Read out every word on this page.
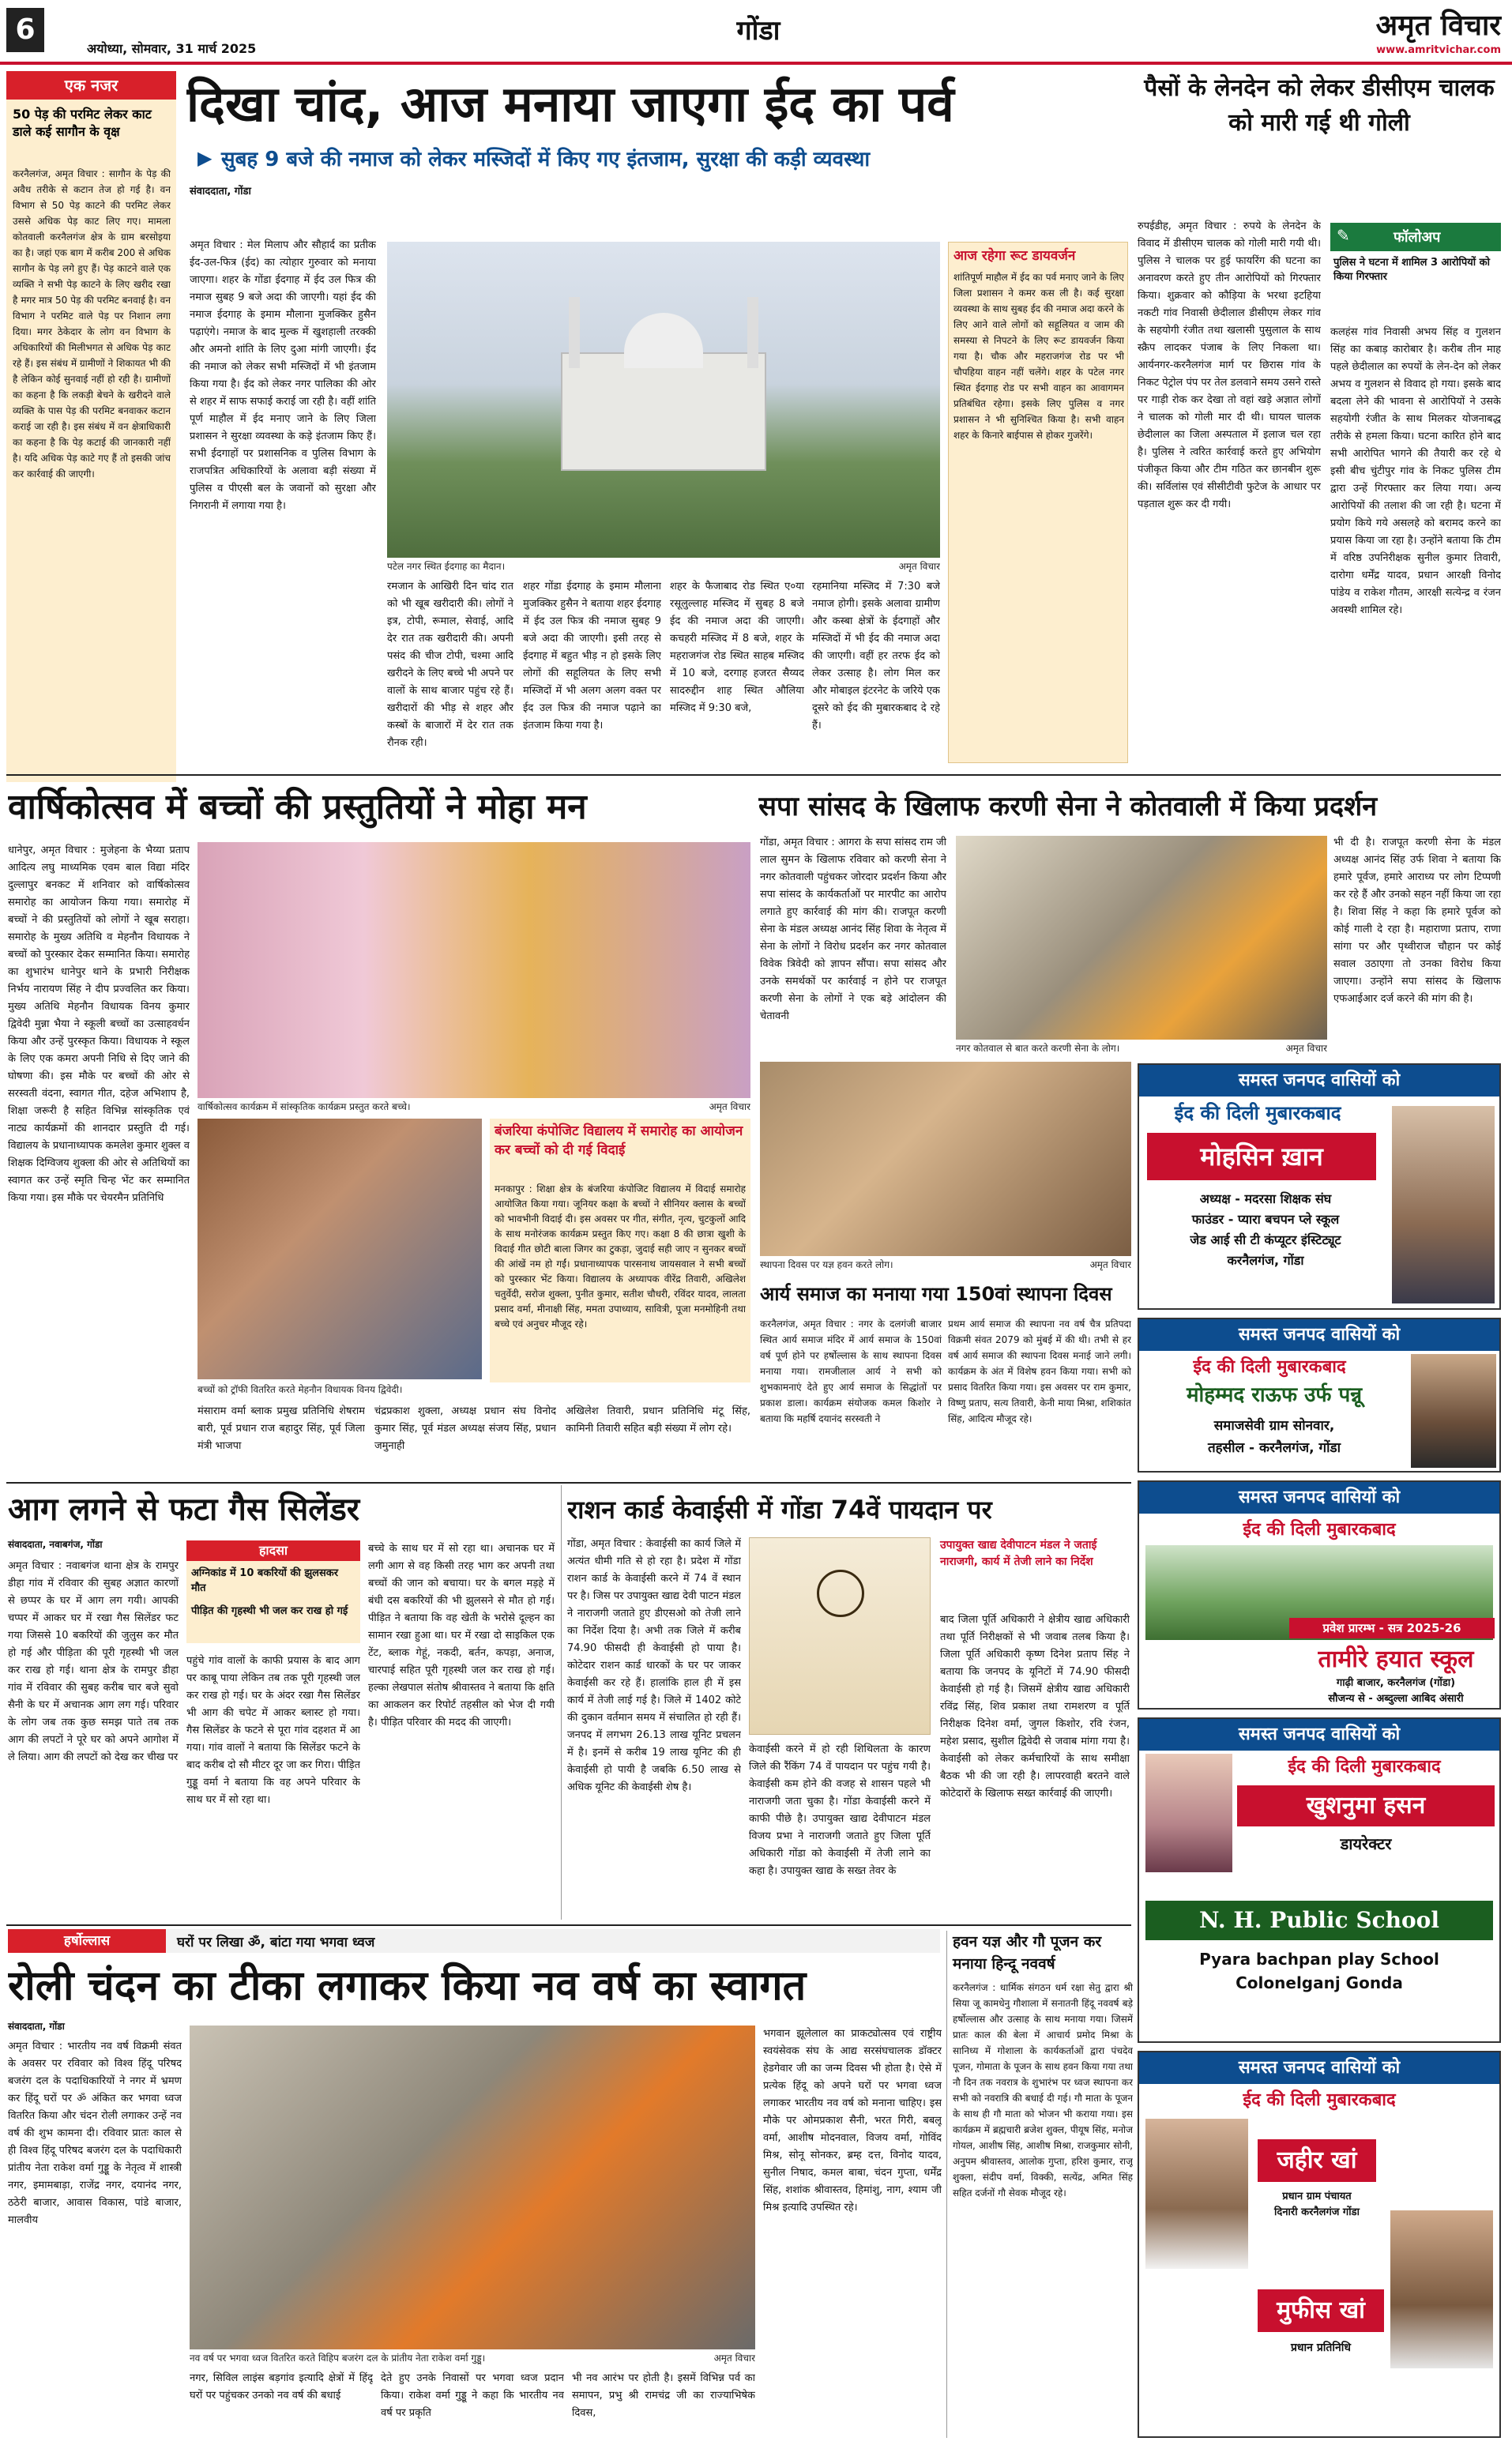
6
अयोध्या, सोमवार, 31 मार्च 2025
गोंडा	अमृत विचार
www.amritvichar.com
एक नजर
50 पेड़ की परमिट लेकर काट डाले कई सागौन के वृक्ष
करनैलगंज, अमृत विचार : सागौन के पेड़ की अवैध तरीके से कटान तेज हो गई है। वन विभाग से 50 पेड़ काटने की परमिट लेकर उससे अधिक पेड़ काट लिए गए। मामला कोतवाली करनैलगंज क्षेत्र के ग्राम बरसोइया का है। जहां एक बाग में करीब 200 से अधिक सागौन के पेड़ लगे हुए हैं। पेड़ काटने वाले एक व्यक्ति ने सभी पेड़ काटने के लिए खरीद रखा है मगर मात्र 50 पेड़ की परमिट बनवाई है। वन विभाग ने परमिट वाले पेड़ पर निशान लगा दिया। मगर ठेकेदार के लोग वन विभाग के अधिकारियों की मिलीभगत से अधिक पेड़ काट रहे हैं। इस संबंध में ग्रामीणों ने शिकायत भी की है लेकिन कोई सुनवाई नहीं हो रही है। ग्रामीणों का कहना है कि लकड़ी बेचने के खरीदने वाले व्यक्ति के पास पेड़ की परमिट बनवाकर कटान कराई जा रही है। इस संबंध में वन क्षेत्राधिकारी का कहना है कि पेड़ कटाई की जानकारी नहीं है। यदि अधिक पेड़ काटे गए हैं तो इसकी जांच कर कार्रवाई की जाएगी।
दिखा चांद, आज मनाया जाएगा ईद का पर्व
▶ सुबह 9 बजे की नमाज को लेकर मस्जिदों में किए गए इंतजाम, सुरक्षा की कड़ी व्यवस्था
संवाददाता, गोंडा
अमृत विचार : मेल मिलाप और सौहार्द का प्रतीक ईद-उल-फित्र (ईद) का त्योहार गुरुवार को मनाया जाएगा। शहर के गोंडा ईदगाह में ईद उल फित्र की नमाज सुबह 9 बजे अदा की जाएगी। यहां ईद की नमाज ईदगाह के इमाम मौलाना मुजक्किर हुसैन पढ़ाएंगे। नमाज के बाद मुल्क में खुशहाली तरक्की और अमनो शांति के लिए दुआ मांगी जाएगी। ईद की नमाज को लेकर सभी मस्जिदों में भी इंतजाम किया गया है। ईद को लेकर नगर पालिका की ओर से शहर में साफ सफाई कराई जा रही है। वहीं शांति पूर्ण माहौल में ईद मनाए जाने के लिए जिला प्रशासन ने सुरक्षा व्यवस्था के कड़े इंतजाम किए हैं। सभी ईदगाहों पर प्रशासनिक व पुलिस विभाग के राजपत्रित अधिकारियों के अलावा बड़ी संख्या में पुलिस व पीएसी बल के जवानों को सुरक्षा और निगरानी में लगाया गया है।
पटेल नगर स्थित ईदगाह का मैदान।	अमृत विचार
रमजान के आखिरी दिन चांद रात को भी खूब खरीदारी की। लोगों ने इत्र, टोपी, रूमाल, सेवाई, आदि देर रात तक खरीदारी की। अपनी पसंद की चीज टोपी, चश्मा आदि खरीदने के लिए बच्चे भी अपने पर वालों के साथ बाजार पहुंच रहे हैं। खरीदारों की भीड़ से शहर और कस्बों के बाजारों में देर रात तक रौनक रही।
शहर गोंडा ईदगाह के इमाम मौलाना मुजक्किर हुसैन ने बताया शहर ईदगाह में ईद उल फित्र की नमाज सुबह 9 बजे अदा की जाएगी। इसी तरह से ईदगाह में बहुत भीड़ न हो इसके लिए लोगों की सहूलियत के लिए सभी मस्जिदों में भी अलग अलग वक्त पर ईद उल फित्र की नमाज पढ़ाने का इंतजाम किया गया है।
शहर के फैजाबाद रोड स्थित ए०या रसूलुल्लाह मस्जिद में सुबह 8 बजे ईद की नमाज अदा की जाएगी। कचहरी मस्जिद में 8 बजे, शहर के महराजगंज रोड स्थित साहब मस्जिद में 10 बजे, दरगाह हजरत सैय्यद सादरुद्दीन शाह स्थित औलिया मस्जिद में 9:30 बजे,
रहमानिया मस्जिद में 7:30 बजे नमाज होगी। इसके अलावा ग्रामीण और कस्बा क्षेत्रों के ईदगाहों और मस्जिदों में भी ईद की नमाज अदा की जाएगी। वहीं हर तरफ ईद को लेकर उत्साह है। लोग मिल कर और मोबाइल इंटरनेट के जरिये एक दूसरे को ईद की मुबारकबाद दे रहे हैं।
आज रहेगा रूट डायवर्जन
शांतिपूर्ण माहौल में ईद का पर्व मनाए जाने के लिए जिला प्रशासन ने कमर कस ली है। कई सुरक्षा व्यवस्था के साथ सुबह ईद की नमाज अदा करने के लिए आने वाले लोगों को सहूलियत व जाम की समस्या से निपटने के लिए रूट डायवर्जन किया गया है। चौक और महराजगंज रोड पर भी चौपहिया वाहन नहीं चलेंगे। शहर के पटेल नगर स्थित ईदगाह रोड पर सभी वाहन का आवागमन प्रतिबंधित रहेगा। इसके लिए पुलिस व नगर प्रशासन ने भी सुनिश्चित किया है। सभी वाहन शहर के किनारे बाईपास से होकर गुजरेंगे।
पैसों के लेनदेन को लेकर डीसीएम चालक को मारी गई थी गोली
रुपईडीह, अमृत विचार : रुपये के लेनदेन के विवाद में डीसीएम चालक को गोली मारी गयी थी। पुलिस ने चालक पर हुई फायरिंग की घटना का अनावरण करते हुए तीन आरोपियों को गिरफ्तार किया। शुक्रवार को कौड़िया के भरथा इटहिया नकटी गांव निवासी छेदीलाल डीसीएम लेकर गांव के सहयोगी रंजीत तथा खलासी पुसुलाल के साथ स्क्रैप लादकर पंजाब के लिए निकला था। आर्यनगर-करनैलगंज मार्ग पर छिरास गांव के निकट पेट्रोल पंप पर तेल डलवाने समय उसने रास्ते पर गाड़ी रोक कर देखा तो वहां खड़े अज्ञात लोगों ने चालक को गोली मार दी थी। घायल चालक छेदीलाल का जिला अस्पताल में इलाज चल रहा है। पुलिस ने त्वरित कार्रवाई करते हुए अभियोग पंजीकृत किया और टीम गठित कर छानबीन शुरू की। सर्विलांस एवं सीसीटीवी फुटेज के आधार पर पड़ताल शुरू कर दी गयी।
✎	फॉलोअप
पुलिस ने घटना में शामिल 3 आरोपियों को किया गिरफ्तार
कलहंस गांव निवासी अभय सिंह व गुलशन सिंह का कबाड़ कारोबार है। करीब तीन माह पहले छेदीलाल का रुपयों के लेन-देन को लेकर अभय व गुलशन से विवाद हो गया। इसके बाद बदला लेने की भावना से आरोपियों ने उसके सहयोगी रंजीत के साथ मिलकर योजनाबद्ध तरीके से हमला किया। घटना कारित होने बाद सभी आरोपित भागने की तैयारी कर रहे थे इसी बीच चुंटीपुर गांव के निकट पुलिस टीम द्वारा उन्हें गिरफ्तार कर लिया गया। अन्य आरोपियों की तलाश की जा रही है। घटना में प्रयोग किये गये असलहे को बरामद करने का प्रयास किया जा रहा है। उन्होंने बताया कि टीम में वरिष्ठ उपनिरीक्षक सुनील कुमार तिवारी, दारोगा धर्मेंद्र यादव, प्रधान आरक्षी विनोद पांडेय व राकेश गौतम, आरक्षी सत्येन्द्र व रंजन अवस्थी शामिल रहे।
वार्षिकोत्सव में बच्चों की प्रस्तुतियों ने मोहा मन
धानेपुर, अमृत विचार : मुजेहना के भैय्या प्रताप आदित्य लघु माध्यमिक एवम बाल विद्या मंदिर दुल्लापुर बनकट में शनिवार को वार्षिकोत्सव समारोह का आयोजन किया गया। समारोह में बच्चों ने की प्रस्तुतियों को लोगों ने खूब सराहा। समारोह के मुख्य अतिथि व मेहनौन विधायक ने बच्चों को पुरस्कार देकर सम्मानित किया। समारोह का शुभारंभ धानेपुर थाने के प्रभारी निरीक्षक निर्भय नारायण सिंह ने दीप प्रज्वलित कर किया। मुख्य अतिथि मेहनौन विधायक विनय कुमार द्विवेदी मुन्ना भैया ने स्कूली बच्चों का उत्साहवर्धन किया और उन्हें पुरस्कृत किया। विधायक ने स्कूल के लिए एक कमरा अपनी निधि से दिए जाने की घोषणा की। इस मौके पर बच्चों की ओर से सरस्वती वंदना, स्वागत गीत, दहेज अभिशाप है, शिक्षा जरूरी है सहित विभिन्न सांस्कृतिक एवं नाट्य कार्यक्रमों की शानदार प्रस्तुति दी गई। विद्यालय के प्रधानाध्यापक कमलेश कुमार शुक्ल व शिक्षक दिग्विजय शुक्ला की ओर से अतिथियों का स्वागत कर उन्हें स्मृति चिन्ह भेंट कर सम्मानित किया गया। इस मौके पर चेयरमैन प्रतिनिधि
वार्षिकोत्सव कार्यक्रम में सांस्कृतिक कार्यक्रम प्रस्तुत करते बच्चे।	अमृत विचार
बच्चों को ट्रॉफी वितरित करते मेहनौन विधायक विनय द्विवेदी।
बंजरिया कंपोजिट विद्यालय में समारोह का आयोजन कर बच्चों को दी गई विदाई
मनकापुर : शिक्षा क्षेत्र के बंजरिया कंपोजिट विद्यालय में विदाई समारोह आयोजित किया गया। जूनियर कक्षा के बच्चों ने सीनियर क्लास के बच्चों को भावभीनी विदाई दी। इस अवसर पर गीत, संगीत, नृत्य, चुटकुलों आदि के साथ मनोरंजक कार्यक्रम प्रस्तुत किए गए। कक्षा 8 की छात्रा खुशी के विदाई गीत छोटी बाला जिगर का टुकड़ा, जुदाई सही जाए न सुनकर बच्चों की आंखें नम हो गईं। प्रधानाध्यापक पारसनाथ जायसवाल ने सभी बच्चों को पुरस्कार भेंट किया। विद्यालय के अध्यापक वीरेंद्र तिवारी, अखिलेश चतुर्वेदी, सरोज शुक्ला, पुनीत कुमार, सतीश चौधरी, रविंदर यादव, लालता प्रसाद वर्मा, मीनाक्षी सिंह, ममता उपाध्याय, सावित्री, पूजा मनमोहिनी तथा बच्चे एवं अनुचर मौजूद रहे।
मंसाराम वर्मा ब्लाक प्रमुख प्रतिनिधि शेषराम बारी, पूर्व प्रधान राज बहादुर सिंह, पूर्व जिला मंत्री भाजपा
चंद्रप्रकाश शुक्ला, अध्यक्ष प्रधान संघ विनोद कुमार सिंह, पूर्व मंडल अध्यक्ष संजय सिंह, प्रधान जमुनाही
अखिलेश तिवारी, प्रधान प्रतिनिधि मंटू सिंह, कामिनी तिवारी सहित बड़ी संख्या में लोग रहे।
सपा सांसद के खिलाफ करणी सेना ने कोतवाली में किया प्रदर्शन
गोंडा, अमृत विचार : आगरा के सपा सांसद राम जी लाल सुमन के खिलाफ रविवार को करणी सेना ने नगर कोतवाली पहुंचकर जोरदार प्रदर्शन किया और सपा सांसद के कार्यकर्ताओं पर मारपीट का आरोप लगाते हुए कार्रवाई की मांग की। राजपूत करणी सेना के मंडल अध्यक्ष आनंद सिंह शिवा के नेतृत्व में सेना के लोगों ने विरोध प्रदर्शन कर नगर कोतवाल विवेक त्रिवेदी को ज्ञापन सौंपा। सपा सांसद और उनके समर्थकों पर कार्रवाई न होने पर राजपूत करणी सेना के लोगों ने एक बड़े आंदोलन की चेतावनी
नगर कोतवाल से बात करते करणी सेना के लोग।	अमृत विचार
भी दी है। राजपूत करणी सेना के मंडल अध्यक्ष आनंद सिंह उर्फ शिवा ने बताया कि हमारे पूर्वज, हमारे आराध्य पर लोग टिप्पणी कर रहे हैं और उनको सहन नहीं किया जा रहा है। शिवा सिंह ने कहा कि हमारे पूर्वज को कोई गाली दे रहा है। महाराणा प्रताप, राणा सांगा पर और पृथ्वीराज चौहान पर कोई सवाल उठाएगा तो उनका विरोध किया जाएगा। उन्होंने सपा सांसद के खिलाफ एफआईआर दर्ज करने की मांग की है।
स्थापना दिवस पर यज्ञ हवन करते लोग।	अमृत विचार
आर्य समाज का मनाया गया 150वां स्थापना दिवस
करनैलगंज, अमृत विचार : नगर के दलगंजी बाजार स्थित आर्य समाज मंदिर में आर्य समाज के 150वां वर्ष पूर्ण होने पर हर्षोल्लास के साथ स्थापना दिवस मनाया गया। रामजीलाल आर्य ने सभी को शुभकामनाएं देते हुए आर्य समाज के सिद्धांतों पर प्रकाश डाला। कार्यक्रम संयोजक कमल किशोर ने बताया कि महर्षि दयानंद सरस्वती ने
प्रथम आर्य समाज की स्थापना नव वर्ष चैत्र प्रतिपदा विक्रमी संवत 2079 को मुंबई में की थी। तभी से हर वर्ष आर्य समाज की स्थापना दिवस मनाई जाने लगी। कार्यक्रम के अंत में विशेष हवन किया गया। सभी को प्रसाद वितरित किया गया। इस अवसर पर राम कुमार, विष्णु प्रताप, सत्य तिवारी, केनी माया मिश्रा, शशिकांत सिंह, आदित्य मौजूद रहे।
समस्त जनपद वासियों को
ईद की दिली मुबारकबाद
मोहसिन ख़ान
अध्यक्ष - मदरसा शिक्षक संघ
फाउंडर - प्यारा बचपन प्ले स्कूल
जेड आई सी टी कंप्यूटर इंस्टिट्यूट
करनैलगंज, गोंडा
समस्त जनपद वासियों को
ईद की दिली मुबारकबाद
मोहम्मद राऊफ उर्फ पन्नू
समाजसेवी ग्राम सोनवार,
तहसील - करनैलगंज, गोंडा
आग लगने से फटा गैस सिलेंडर
संवाददाता, नवाबगंज, गोंडा
अमृत विचार : नवाबगंज थाना क्षेत्र के रामपुर डीहा गांव में रविवार की सुबह अज्ञात कारणों से छप्पर के घर में आग लग गयी। आपकी चप्पर में आकर घर में रखा गैस सिलेंडर फट गया जिससे 10 बकरियों की जुलुस कर मौत हो गई और पीड़िता की पूरी गृहस्थी भी जल कर राख हो गई। थाना क्षेत्र के रामपुर डीहा गांव में रविवार की सुबह करीब चार बजे सुवो सैनी के घर में अचानक आग लग गई। परिवार के लोग जब तक कुछ समझ पाते तब तक आग की लपटों ने पूरे घर को अपने आगोश में ले लिया। आग की लपटों को देख कर चीख पर
हादसा
अग्निकांड में 10 बकरियों की झुलसकर मौत
पीड़ित की गृहस्थी भी जल कर राख हो गई
पहुंचे गांव वालों के काफी प्रयास के बाद आग पर काबू पाया लेकिन तब तक पूरी गृहस्थी जल कर राख हो गई। घर के अंदर रखा गैस सिलेंडर भी आग की चपेट में आकर ब्लास्ट हो गया। गैस सिलेंडर के फटने से पूरा गांव दहशत में आ गया। गांव वालों ने बताया कि सिलेंडर फटने के बाद करीब दो सौ मीटर दूर जा कर गिरा। पीड़ित गुड्डू वर्मा ने बताया कि वह अपने परिवार के साथ घर में सो रहा था।
बच्चे के साथ घर में सो रहा था। अचानक घर में लगी आग से वह किसी तरह भाग कर अपनी तथा बच्चों की जान को बचाया। घर के बगल मड़हे में बंधी दस बकरियों की भी झुलसने से मौत हो गई। पीड़ित ने बताया कि वह खेती के भरोसे दूल्हन का सामान रखा हुआ था। घर में रखा दो साइकिल एक टेंट, ब्लाक गेहूं, नकदी, बर्तन, कपड़ा, अनाज, चारपाई सहित पूरी गृहस्थी जल कर राख हो गई। हल्का लेखपाल संतोष श्रीवास्तव ने बताया कि क्षति का आकलन कर रिपोर्ट तहसील को भेज दी गयी है। पीड़ित परिवार की मदद की जाएगी।
राशन कार्ड केवाईसी में गोंडा 74वें पायदान पर
गोंडा, अमृत विचार : केवाईसी का कार्य जिले में अत्यंत धीमी गति से हो रहा है। प्रदेश में गोंडा राशन कार्ड के केवाईसी करने में 74 वें स्थान पर है। जिस पर उपायुक्त खाद्य देवी पाटन मंडल ने नाराजगी जताते हुए डीएसओ को तेजी लाने का निर्देश दिया है। अभी तक जिले में करीब 74.90 फीसदी ही केवाईसी हो पाया है। कोटेदार राशन कार्ड धारकों के घर पर जाकर केवाईसी कर रहे हैं। हालांकि हाल ही में इस कार्य में तेजी लाई गई है। जिले में 1402 कोटे की दुकान वर्तमान समय में संचालित हो रही हैं। जनपद में लगभग 26.13 लाख यूनिट प्रचलन में है। इनमें से करीब 19 लाख यूनिट की ही केवाईसी हो पायी है जबकि 6.50 लाख से अधिक यूनिट की केवाईसी शेष है।
केवाईसी करने में हो रही शिथिलता के कारण जिले की रैंकिंग 74 वें पायदान पर पहुंच गयी है। केवाईसी कम होने की वजह से शासन पहले भी नाराजगी जता चुका है। गोंडा केवाईसी करने में काफी पीछे है। उपायुक्त खाद्य देवीपाटन मंडल विजय प्रभा ने नाराजगी जताते हुए जिला पूर्ति अधिकारी गोंडा को केवाईसी में तेजी लाने का कहा है। उपायुक्त खाद्य के सख्त तेवर के
उपायुक्त खाद्य देवीपाटन मंडल ने जताई नाराजगी, कार्य में तेजी लाने का निर्देश
बाद जिला पूर्ति अधिकारी ने क्षेत्रीय खाद्य अधिकारी तथा पूर्ति निरीक्षकों से भी जवाब तलब किया है। जिला पूर्ति अधिकारी कृष्ण दिनेश प्रताप सिंह ने बताया कि जनपद के यूनिटों में 74.90 फीसदी केवाईसी हो गई है। जिसमें क्षेत्रीय खाद्य अधिकारी रविंद्र सिंह, शिव प्रकाश तथा रामशरण व पूर्ति निरीक्षक दिनेश वर्मा, जुगल किशोर, रवि रंजन, महेश प्रसाद, सुशील द्विवेदी से जवाब मांगा गया है। केवाईसी को लेकर कर्मचारियों के साथ समीक्षा बैठक भी की जा रही है। लापरवाही बरतने वाले कोटेदारों के खिलाफ सख्त कार्रवाई की जाएगी।
समस्त जनपद वासियों को
ईद की दिली मुबारकबाद
प्रवेश प्रारम्भ - सत्र 2025-26
तामीरे हयात स्कूल
गाढ़ी बाजार, करनैलगंज (गोंडा)
सौजन्य से - अब्दुल्ला आबिद अंसारी
समस्त जनपद वासियों को
ईद की दिली मुबारकबाद
खुशनुमा हसन
डायरेक्टर
N. H. Public School
Pyara bachpan play School
Colonelganj Gonda
हर्षोल्लास	घरों पर लिखा ॐ, बांटा गया भगवा ध्वज
रोली चंदन का टीका लगाकर किया नव वर्ष का स्वागत
संवाददाता, गोंडा
अमृत विचार : भारतीय नव वर्ष विक्रमी संवत के अवसर पर रविवार को विश्व हिंदू परिषद बजरंग दल के पदाधिकारियों ने नगर में भ्रमण कर हिंदू घरों पर ॐ अंकित कर भगवा ध्वज वितरित किया और चंदन रोली लगाकर उन्हें नव वर्ष की शुभ कामना दी। रविवार प्रातः काल से ही विश्व हिंदू परिषद बजरंग दल के पदाधिकारी प्रांतीय नेता राकेश वर्मा गुड्डू के नेतृत्व में शास्त्री नगर, इमामबाड़ा, राजेंद्र नगर, दयानंद नगर, ठठेरी बाजार, आवास विकास, पांडे बाजार, मालवीय
नव वर्ष पर भगवा ध्वज वितरित करते विहिप बजरंग दल के प्रांतीय नेता राकेश वर्मा गुड्डू।	अमृत विचार
नगर, सिविल लाइंस बड़गांव इत्यादि क्षेत्रों में हिंदू घरों पर पहुंचकर उनको नव वर्ष की बधाई
देते हुए उनके निवासों पर भगवा ध्वज प्रदान किया। राकेश वर्मा गुड्डू ने कहा कि भारतीय नव वर्ष पर प्रकृति
भी नव आरंभ पर होती है। इसमें विभिन्न पर्व का समापन, प्रभु श्री रामचंद्र जी का राज्याभिषेक दिवस,
भगवान झूलेलाल का प्राकट्योत्सव एवं राष्ट्रीय स्वयंसेवक संघ के आद्य सरसंघचालक डॉक्टर हेडगेवार जी का जन्म दिवस भी होता है। ऐसे में प्रत्येक हिंदू को अपने घरों पर भगवा ध्वज लगाकर भारतीय नव वर्ष को मनाना चाहिए। इस मौके पर ओमप्रकाश सैनी, भरत गिरी, बबलू वर्मा, आशीष मोदनवाल, विजय वर्मा, गोविंद मिश्र, सोनू सोनकर, ब्रम्ह दत्त, विनोद यादव, सुनील निषाद, कमल बाबा, चंदन गुप्ता, धर्मेंद्र सिंह, शशांक श्रीवास्तव, हिमांशु, नाग, श्याम जी मिश्र इत्यादि उपस्थित रहे।
हवन यज्ञ और गौ पूजन कर मनाया हिन्दू नववर्ष
करनैलगंज : धार्मिक संगठन धर्म रक्षा सेतु द्वारा श्री सिया जू कामधेनु गौशाला में सनातनी हिंदू नववर्ष बड़े हर्षोल्लास और उत्साह के साथ मनाया गया। जिसमें प्रातः काल की बेला में आचार्य प्रमोद मिश्रा के सानिध्य में गोशाला के कार्यकर्ताओं द्वारा पंचदेव पूजन, गोमाता के पूजन के साथ हवन किया गया तथा नौ दिन तक नवरात्र के शुभारंभ पर ध्वज स्थापना कर सभी को नवरात्रि की बधाई दी गई। गौ माता के पूजन के साथ ही गौ माता को भोजन भी कराया गया। इस कार्यक्रम में ब्रह्मचारी ब्रजेश शुक्ल, पीयूष सिंह, मनोज गोयल, आशीष सिंह, आशीष मिश्रा, राजकुमार सोनी, अनुपम श्रीवास्तव, आलोक गुप्ता, हरिश कुमार, राजू शुक्ला, संदीप वर्मा, विक्की, सत्येंद्र, अमित सिंह सहित दर्जनों गौ सेवक मौजूद रहे।
समस्त जनपद वासियों को
ईद की दिली मुबारकबाद
जहीर खां
प्रधान ग्राम पंचायत
दिनारी करनैलगंज गोंडा
मुफीस खां
प्रधान प्रतिनिधि
